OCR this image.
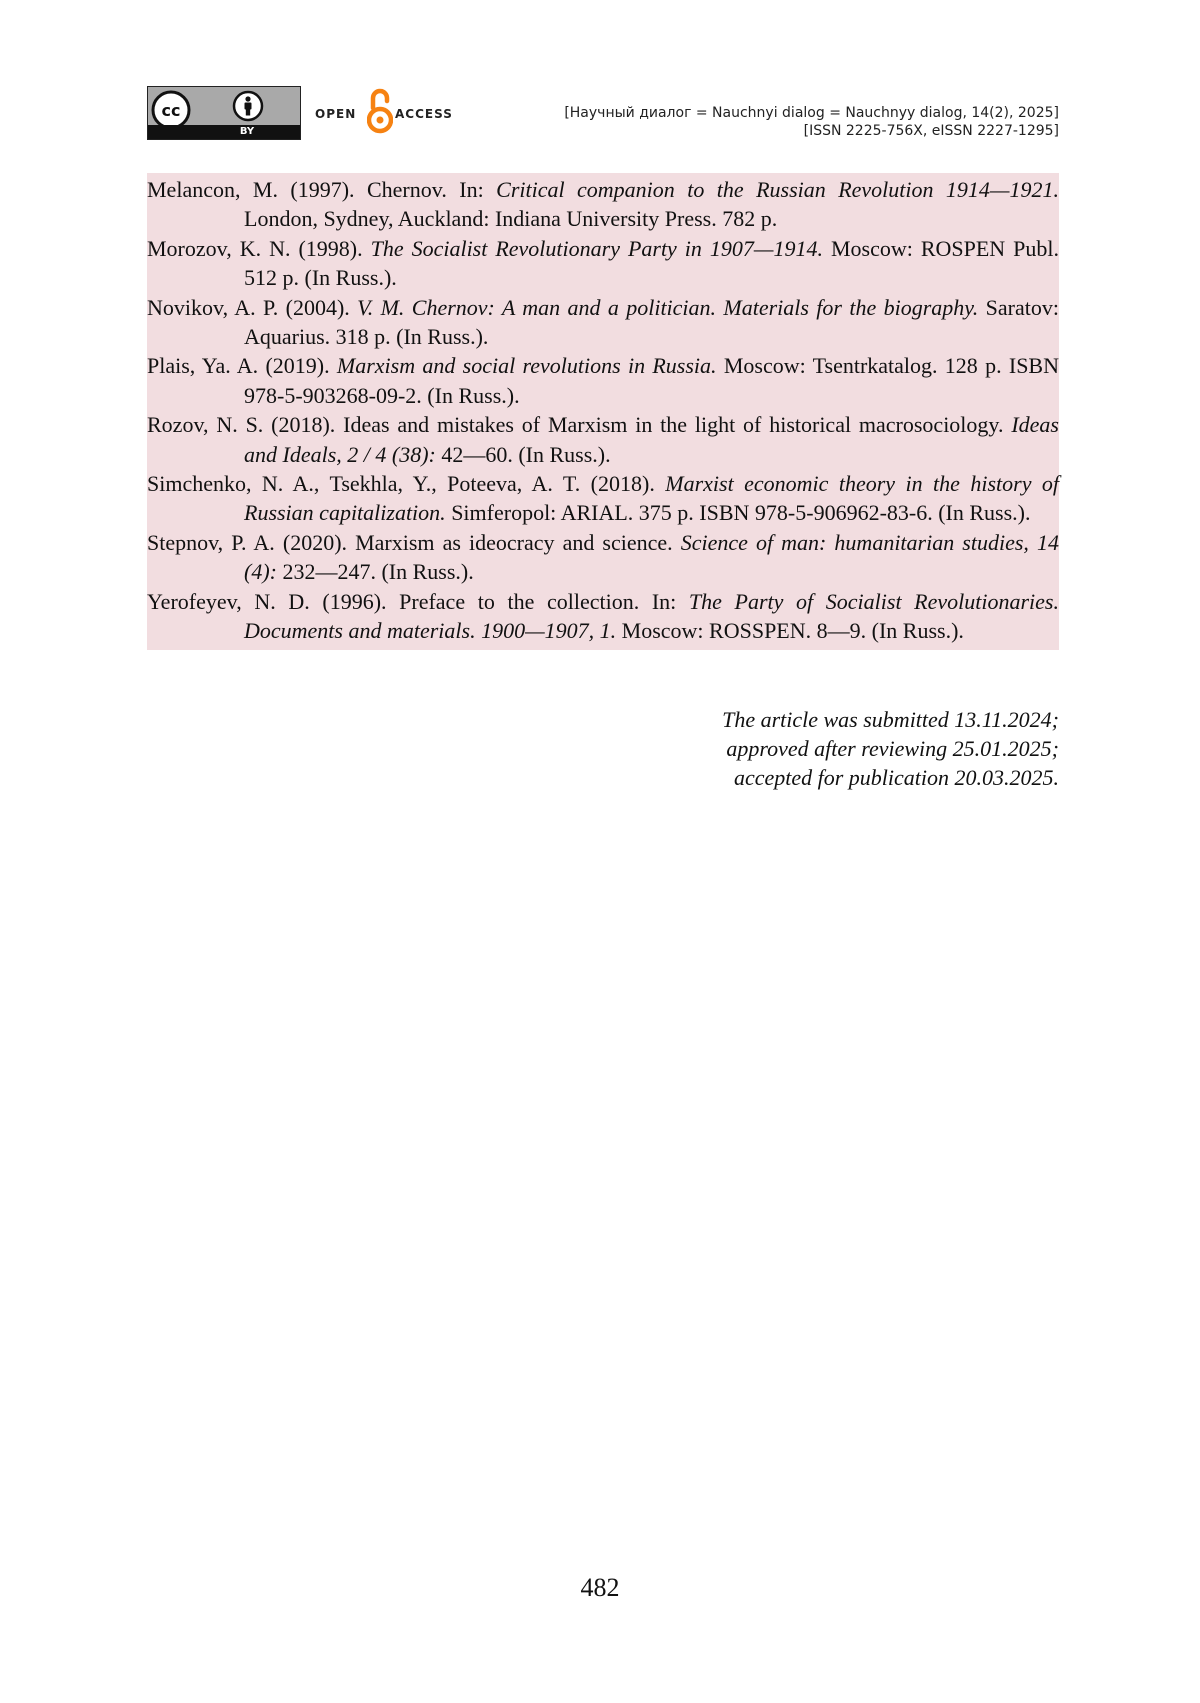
cc
BY
OPEN	ACCESS	[Научный диалог = Nauchnyi dialog = Nauchnyy dialog, 14(2), 2025]
[ISSN 2225-756X, eISSN 2227-1295]

Melancon, M. (1997). Chernov. In: Critical companion to the Russian Revolution 1914—1921. London, Sydney, Auckland: Indiana University Press. 782 p.

Morozov, K. N. (1998). The Socialist Revolutionary Party in 1907—1914. Moscow: ROSPEN Publ. 512 p. (In Russ.).

Novikov, A. P. (2004). V. M. Chernov: A man and a politician. Materials for the biography. Saratov: Aquarius. 318 p. (In Russ.).

Plais, Ya. A. (2019). Marxism and social revolutions in Russia. Moscow: Tsentrkatalog. 128 p. ISBN 978-5-903268-09-2. (In Russ.).

Rozov, N. S. (2018). Ideas and mistakes of Marxism in the light of historical macrosociology. Ideas and Ideals, 2 / 4 (38): 42—60. (In Russ.).

Simchenko, N. A., Tsekhla, Y., Poteeva, A. T. (2018). Marxist economic theory in the history of Russian capitalization. Simferopol: ARIAL. 375 p. ISBN 978-5-906962-83-6. (In Russ.).

Stepnov, P. A. (2020). Marxism as ideocracy and science. Science of man: humanitarian studies, 14 (4): 232—247. (In Russ.).

Yerofeyev, N. D. (1996). Preface to the collection. In: The Party of Socialist Revolutionaries. Documents and materials. 1900—1907, 1. Moscow: ROSSPEN. 8—9. (In Russ.).

The article was submitted 13.11.2024;
approved after reviewing 25.01.2025;
accepted for publication 20.03.2025.
482
